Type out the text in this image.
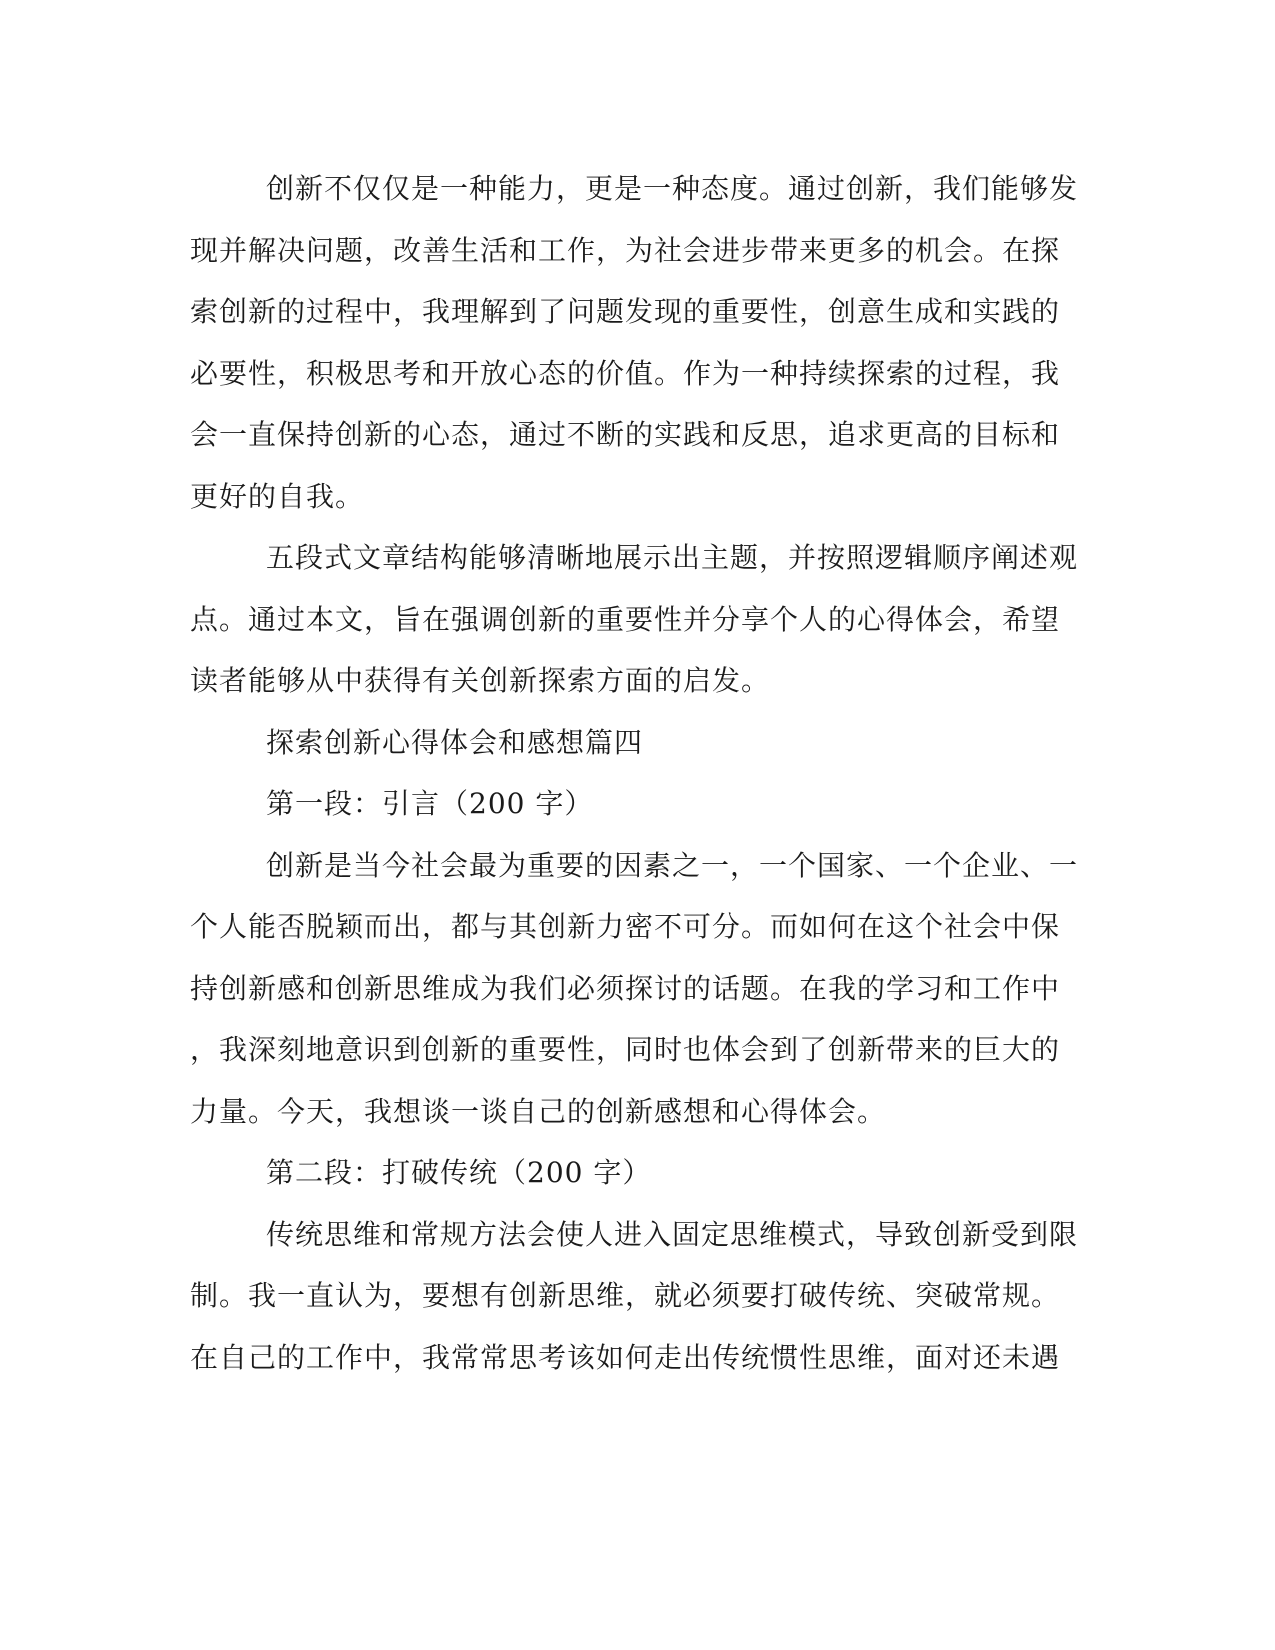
创新不仅仅是一种能力，更是一种态度。通过创新，我们能够发
现并解决问题，改善生活和工作，为社会进步带来更多的机会。在探
索创新的过程中，我理解到了问题发现的重要性，创意生成和实践的
必要性，积极思考和开放心态的价值。作为一种持续探索的过程，我
会一直保持创新的心态，通过不断的实践和反思，追求更高的目标和
更好的自我。
五段式文章结构能够清晰地展示出主题，并按照逻辑顺序阐述观
点。通过本文，旨在强调创新的重要性并分享个人的心得体会，希望
读者能够从中获得有关创新探索方面的启发。
探索创新心得体会和感想篇四
第一段：引言（200 字）
创新是当今社会最为重要的因素之一，一个国家、一个企业、一
个人能否脱颖而出，都与其创新力密不可分。而如何在这个社会中保
持创新感和创新思维成为我们必须探讨的话题。在我的学习和工作中
，我深刻地意识到创新的重要性，同时也体会到了创新带来的巨大的
力量。今天，我想谈一谈自己的创新感想和心得体会。
第二段：打破传统（200 字）
传统思维和常规方法会使人进入固定思维模式，导致创新受到限
制。我一直认为，要想有创新思维，就必须要打破传统、突破常规。
在自己的工作中，我常常思考该如何走出传统惯性思维，面对还未遇
